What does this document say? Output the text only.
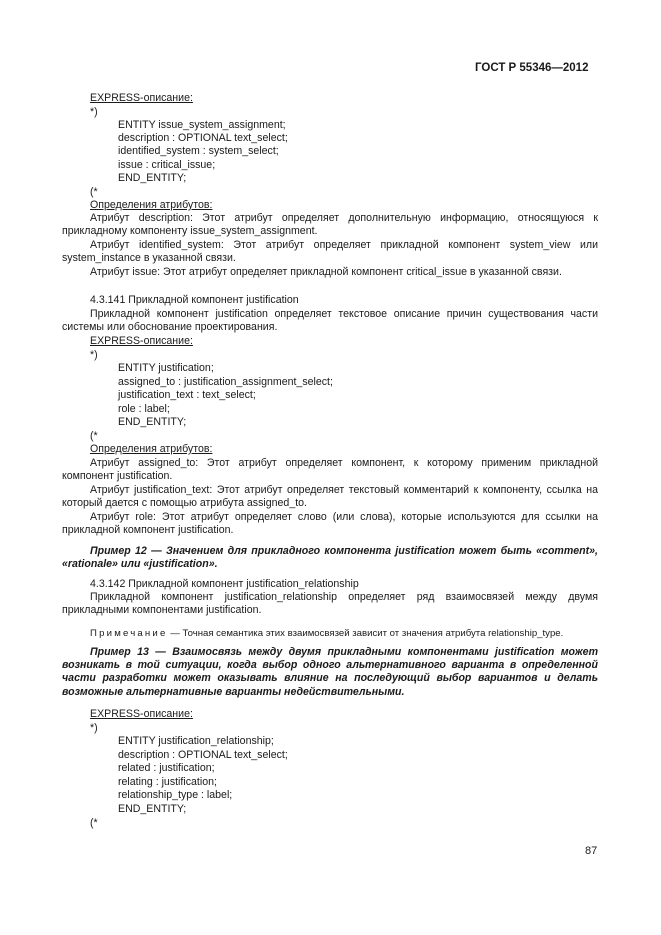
ГОСТ Р 55346—2012
EXPRESS-описание:
*)
ENTITY issue_system_assignment;
description : OPTIONAL text_select;
identified_system : system_select;
issue : critical_issue;
END_ENTITY;
(*
Определения атрибутов:
Атрибут description: Этот атрибут определяет дополнительную информацию, относящуюся к прикладному компоненту issue_system_assignment.
Атрибут identified_system: Этот атрибут определяет прикладной компонент system_view или system_instance в указанной связи.
Атрибут issue: Этот атрибут определяет прикладной компонент critical_issue в указанной связи.
4.3.141 Прикладной компонент justification
Прикладной компонент justification определяет текстовое описание причин существования части системы или обоснование проектирования.
EXPRESS-описание:
*)
ENTITY justification;
assigned_to : justification_assignment_select;
justification_text : text_select;
role : label;
END_ENTITY;
(*
Определения атрибутов:
Атрибут assigned_to: Этот атрибут определяет компонент, к которому применим прикладной компонент justification.
Атрибут justification_text: Этот атрибут определяет текстовый комментарий к компоненту, ссылка на который дается с помощью атрибута assigned_to.
Атрибут role: Этот атрибут определяет слово (или слова), которые используются для ссылки на прикладной компонент justification.
Пример 12 — Значением для прикладного компонента justification может быть «comment», «rationale» или «justification».
4.3.142 Прикладной компонент justification_relationship
Прикладной компонент justification_relationship определяет ряд взаимосвязей между двумя прикладными компонентами justification.
Примечание — Точная семантика этих взаимосвязей зависит от значения атрибута relationship_type.
Пример 13 — Взаимосвязь между двумя прикладными компонентами justification может возникать в той ситуации, когда выбор одного альтернативного варианта в определенной части разработки может оказывать влияние на последующий выбор вариантов и делать возможные альтернативные варианты недействительными.
EXPRESS-описание:
*)
ENTITY justification_relationship;
description : OPTIONAL text_select;
related : justification;
relating : justification;
relationship_type : label;
END_ENTITY;
(*
87
